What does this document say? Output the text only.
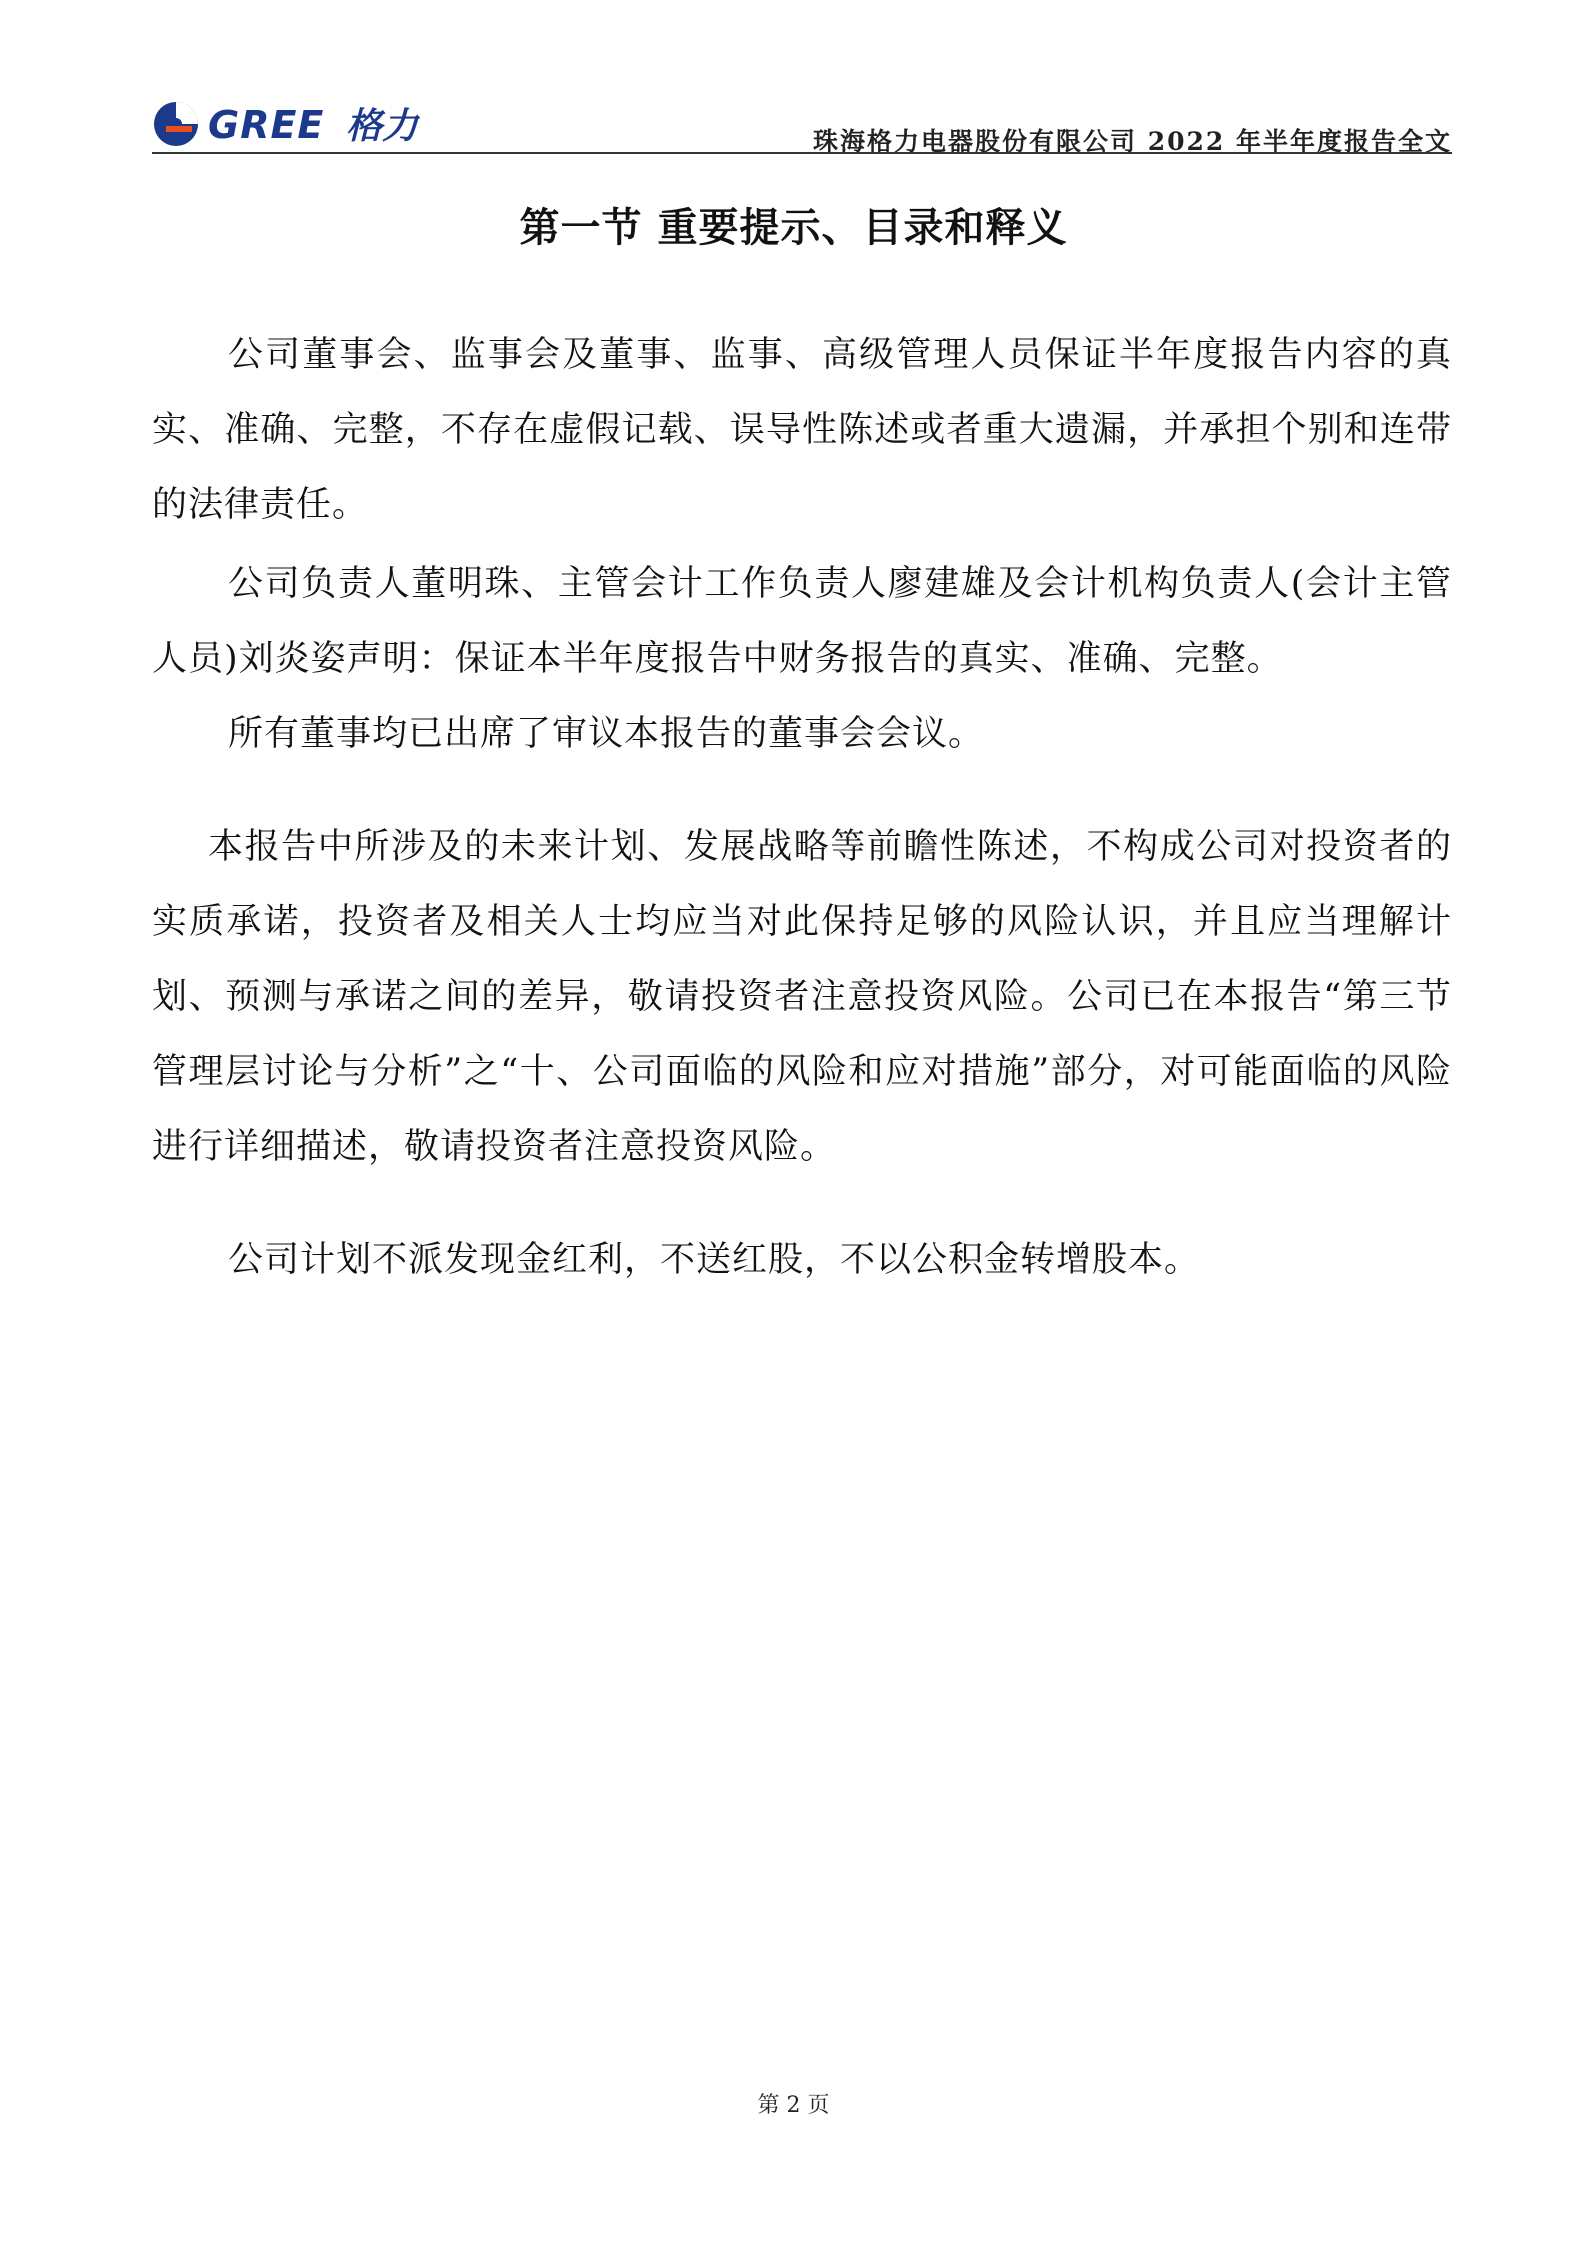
GREE 格力	珠海格力电器股份有限公司 2022 年半年度报告全文
第一节 重要提示、目录和释义

公司董事会、监事会及董事、监事、高级管理人员保证半年度报告内容的真实、准确、完整，不存在虚假记载、误导性陈述或者重大遗漏，并承担个别和连带的法律责任。

公司负责人董明珠、主管会计工作负责人廖建雄及会计机构负责人(会计主管人员)刘炎姿声明：保证本半年度报告中财务报告的真实、准确、完整。

所有董事均已出席了审议本报告的董事会会议。

本报告中所涉及的未来计划、发展战略等前瞻性陈述，不构成公司对投资者的实质承诺，投资者及相关人士均应当对此保持足够的风险认识，并且应当理解计划、预测与承诺之间的差异，敬请投资者注意投资风险。公司已在本报告“第三节管理层讨论与分析”之“十、公司面临的风险和应对措施”部分，对可能面临的风险进行详细描述，敬请投资者注意投资风险。

公司计划不派发现金红利，不送红股，不以公积金转增股本。

第 2 页
